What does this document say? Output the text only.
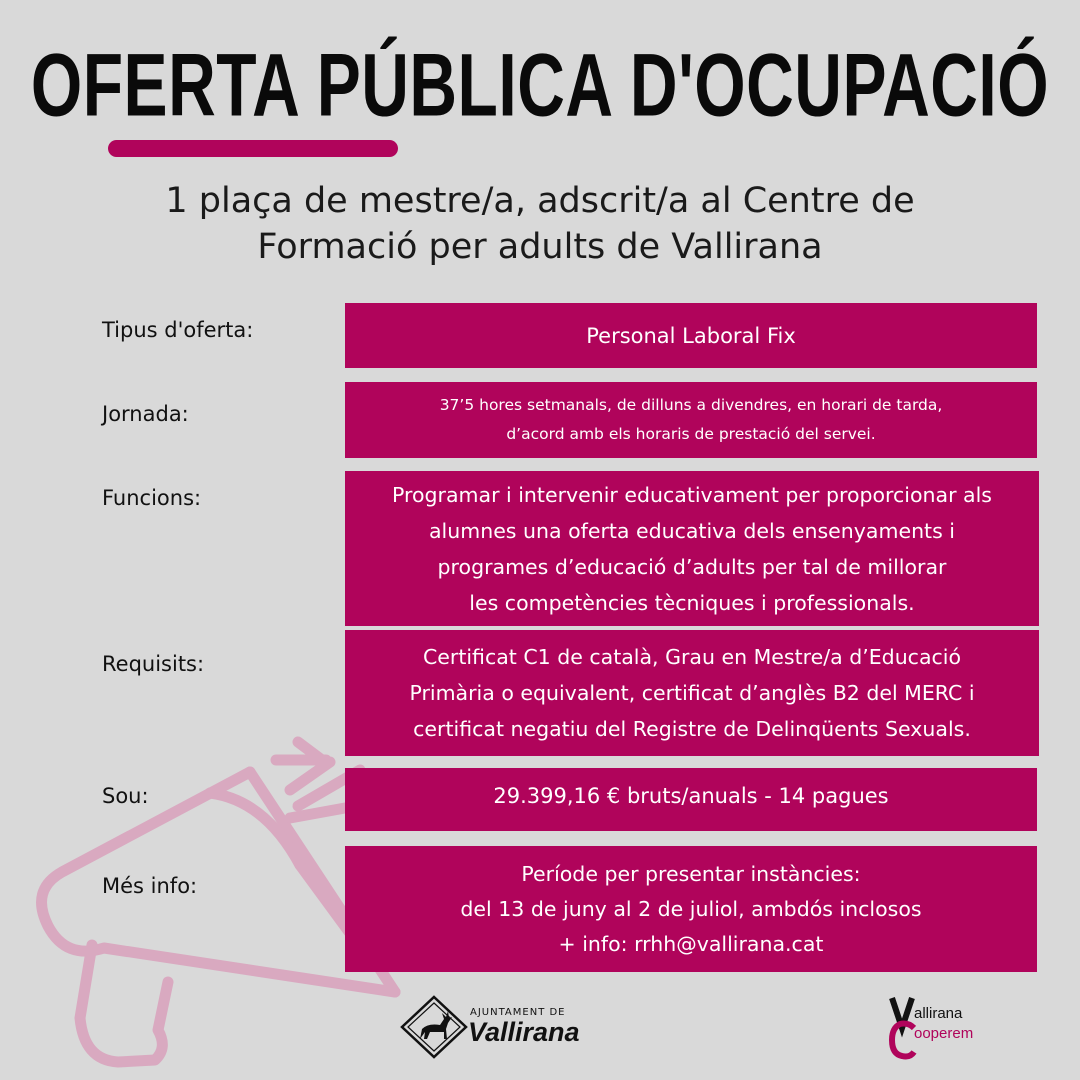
OFERTA PÚBLICA D'OCUPACIÓ
1 plaça de mestre/a, adscrit/a al Centre de
Formació per adults de Vallirana
Tipus d'oferta:	Personal Laboral Fix
Jornada:	37’5 hores setmanals, de dilluns a divendres, en horari de tarda,
d’acord amb els horaris de prestació del servei.
Funcions:	Programar i intervenir educativament per proporcionar als
alumnes una oferta educativa dels ensenyaments i
programes d’educació d’adults per tal de millorar
les competències tècniques i professionals.
Requisits:	Certificat C1 de català, Grau en Mestre/a d’Educació
Primària o equivalent, certificat d’anglès B2 del MERC i
certificat negatiu del Registre de Delinqüents Sexuals.
Sou:	29.399,16 € bruts/anuals - 14 pagues
Més info:
Període per presentar instàncies:
del 13 de juny al 2 de juliol, ambdós inclosos
+ info: rrhh@vallirana.cat
AJUNTAMENT DE
Vallirana
allirana
ooperem
